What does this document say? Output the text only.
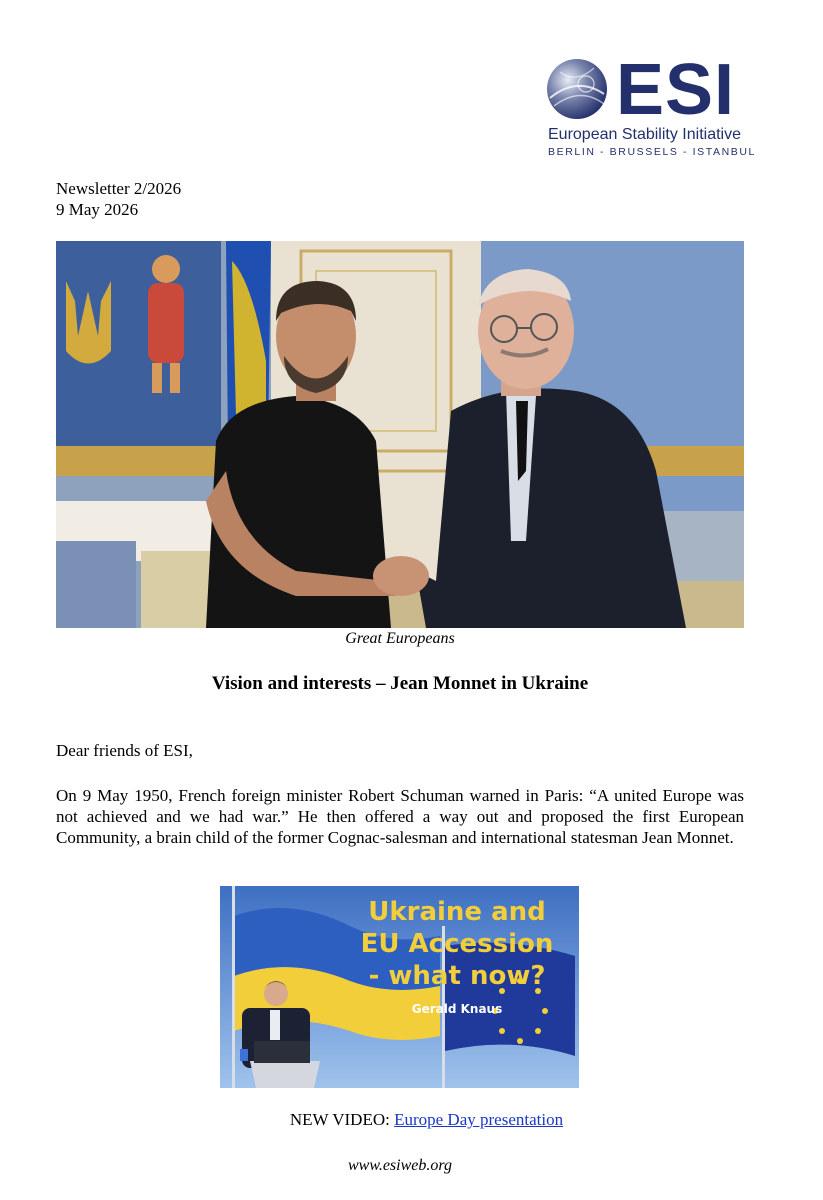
ESI
European Stability Initiative
BERLIN - BRUSSELS - ISTANBUL
Newsletter 2/2026
9 May 2026
Great Europeans
Vision and interests – Jean Monnet in Ukraine
Dear friends of ESI,
On 9 May 1950, French foreign minister Robert Schuman warned in Paris: “A united Europe was not achieved and we had war.” He then offered a way out and proposed the first European Community, a brain child of the former Cognac-salesman and international statesman Jean Monnet.
Ukraine and
EU Accession
- what now?
Gerald Knaus
NEW VIDEO: Europe Day presentation
www.esiweb.org
